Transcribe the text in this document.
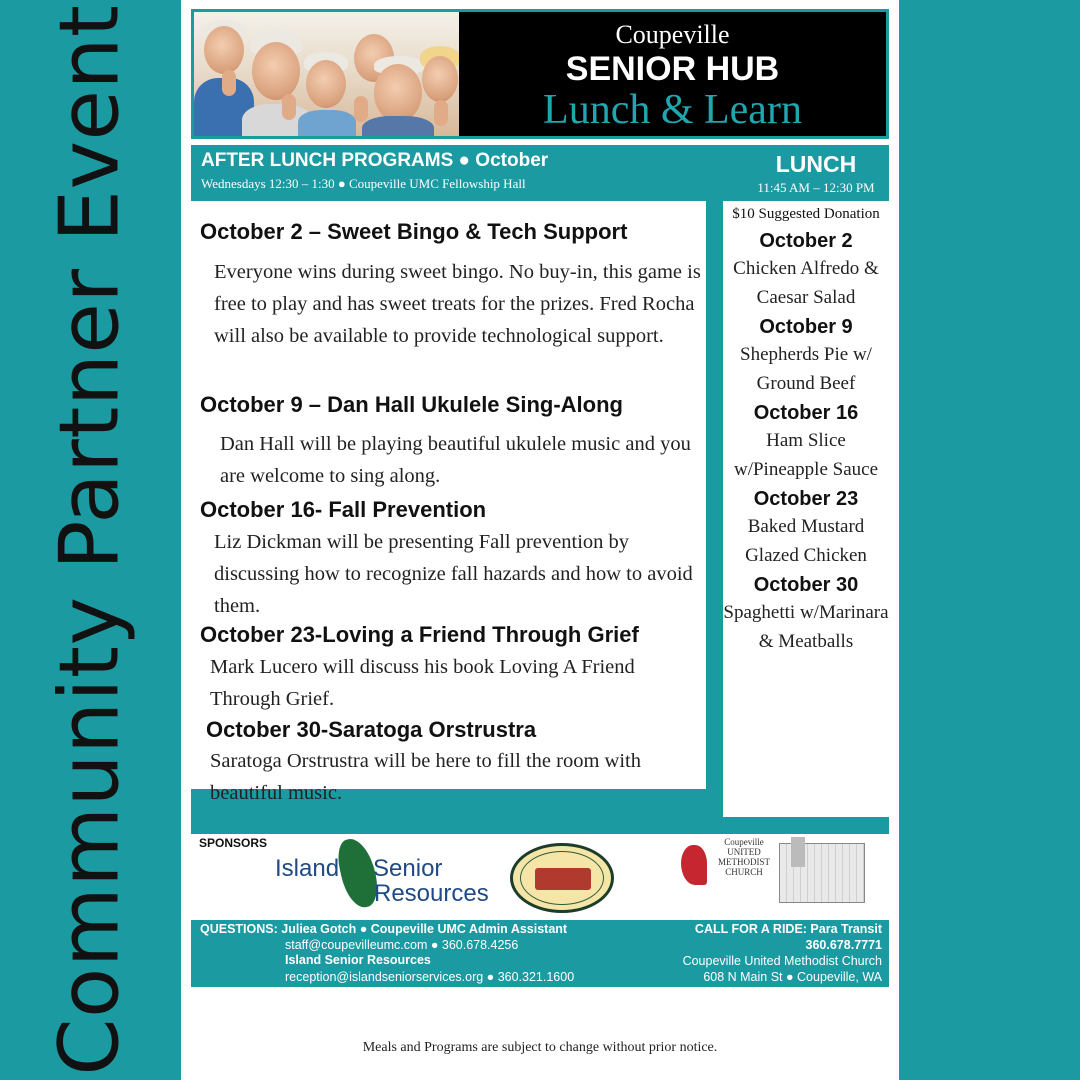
Community Partner Event	Coupeville
SENIOR HUB
Lunch & Learn
AFTER LUNCH PROGRAMS ● October
Wednesdays 12:30 – 1:30 ● Coupeville UMC Fellowship Hall
LUNCH
11:45 AM – 12:30 PM
October 2 – Sweet Bingo & Tech Support
Everyone wins during sweet bingo. No buy-in, this game is free to play and has sweet treats for the prizes. Fred Rocha will also be available to provide technological support.
October 9 – Dan Hall Ukulele Sing-Along
Dan Hall will be playing beautiful ukulele music and you are welcome to sing along.
October 16- Fall Prevention
Liz Dickman will be presenting Fall prevention by discussing how to recognize fall hazards and how to avoid them.
October 23-Loving a Friend Through Grief
Mark Lucero will discuss his book Loving A Friend Through Grief.
October 30-Saratoga Orstrustra
Saratoga Orstrustra will be here to fill the room with beautiful music.
$10 Suggested Donation
October 2
Chicken Alfredo & Caesar Salad
October 9
Shepherds Pie w/ Ground Beef
October 16
Ham Slice w/Pineapple Sauce
October 23
Baked Mustard Glazed Chicken
October 30
Spaghetti w/Marinara & Meatballs
SPONSORS
Island Senior
Resources
Coupeville UNITED METHODIST CHURCH
QUESTIONS: Juliea Gotch ● Coupeville UMC Admin Assistant
staff@coupevilleumc.com ● 360.678.4256
Island Senior Resources
reception@islandseniorservices.org ● 360.321.1600
CALL FOR A RIDE: Para Transit
360.678.7771
Coupeville United Methodist Church
608 N Main St ● Coupeville, WA
Meals and Programs are subject to change without prior notice.
